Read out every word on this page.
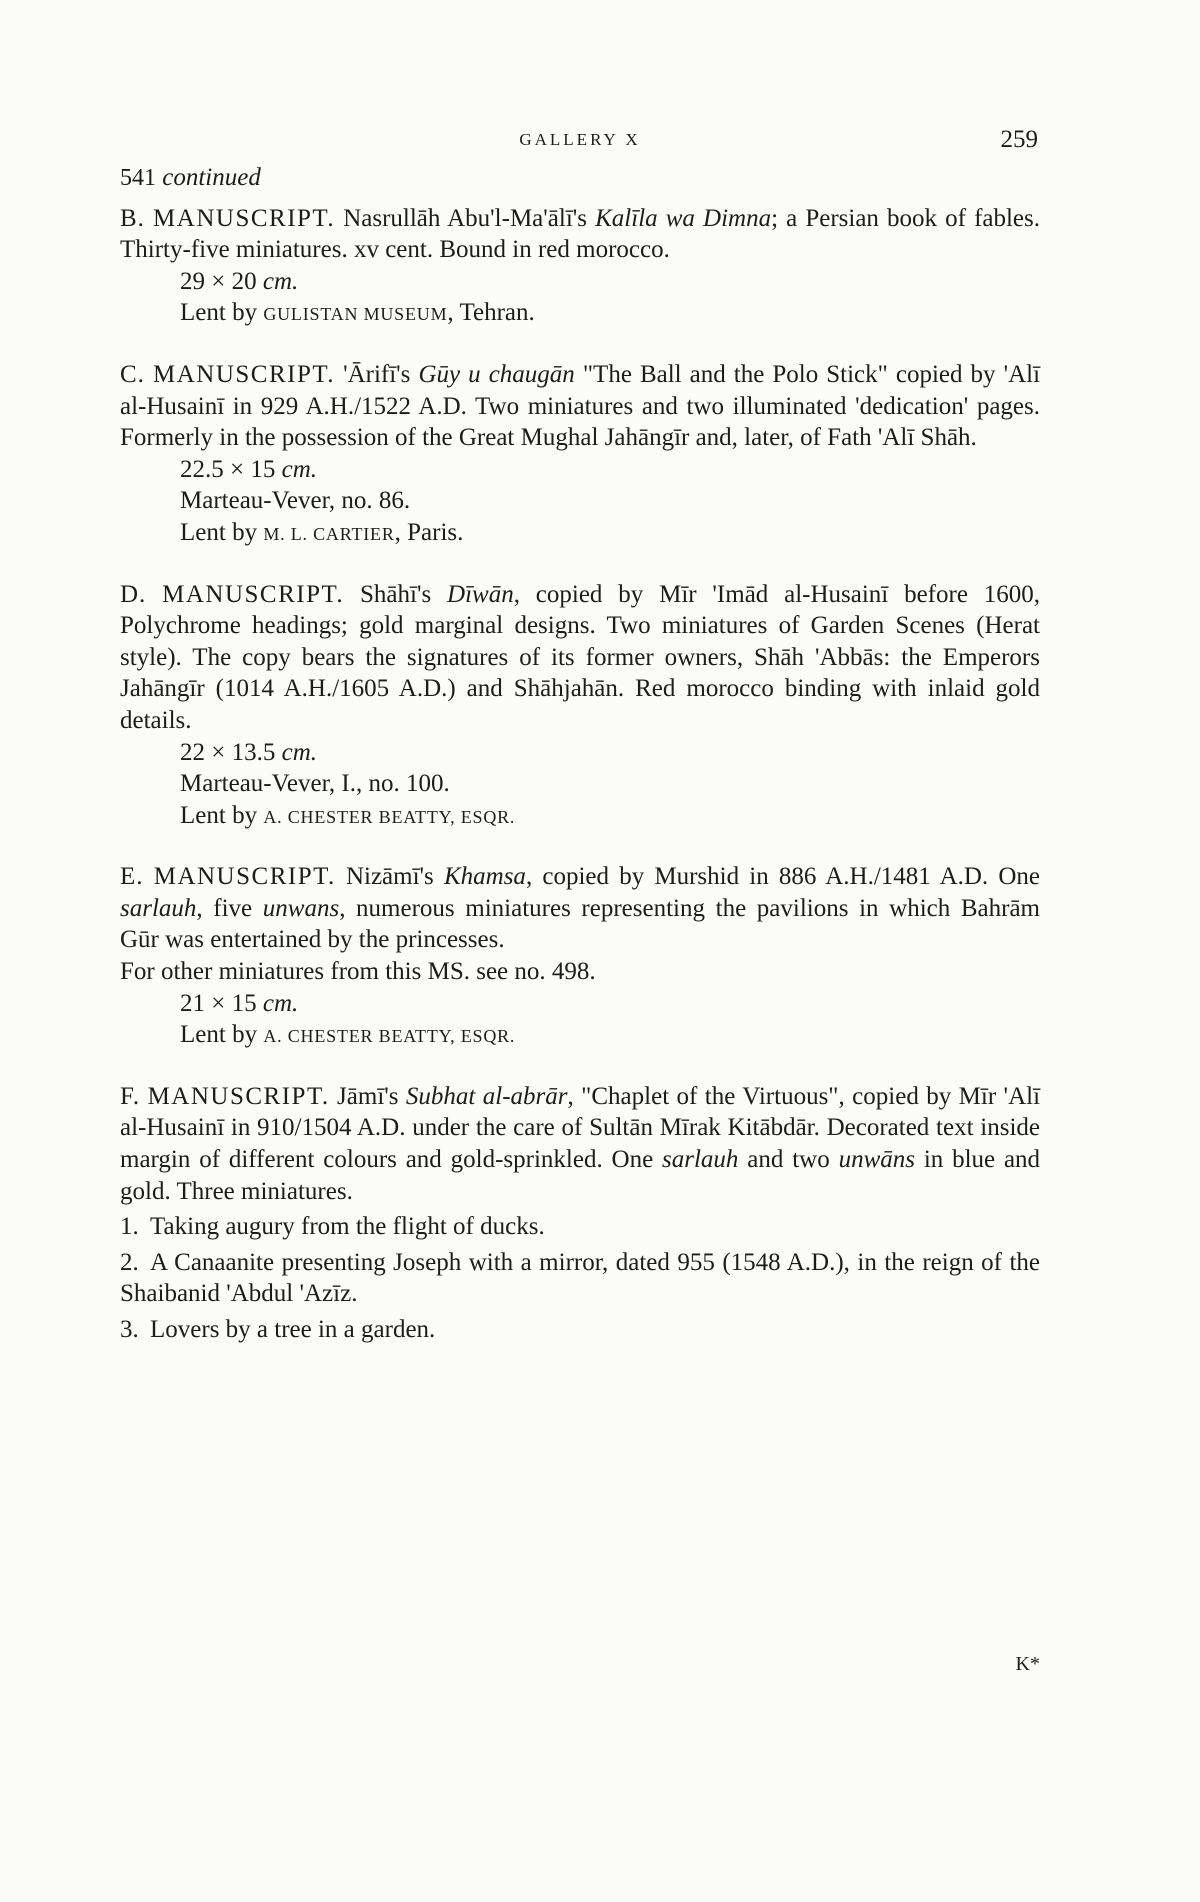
GALLERY X	259

541 continued

B. MANUSCRIPT. Nasrullāh Abu'l-Ma'ālī's Kalīla wa Dimna; a Persian book of fables. Thirty-five miniatures. xv cent. Bound in red morocco.

29 × 20 cm.

Lent by GULISTAN MUSEUM, Tehran.

C. MANUSCRIPT. 'Ārifī's Gūy u chaugān "The Ball and the Polo Stick" copied by 'Alī al-Husainī in 929 A.H./1522 A.D. Two miniatures and two illuminated 'dedication' pages. Formerly in the possession of the Great Mughal Jahāngīr and, later, of Fath 'Alī Shāh.

22.5 × 15 cm.

Marteau-Vever, no. 86.

Lent by M. L. CARTIER, Paris.

D. MANUSCRIPT. Shāhī's Dīwān, copied by Mīr 'Imād al-Husainī before 1600, Polychrome headings; gold marginal designs. Two miniatures of Garden Scenes (Herat style). The copy bears the signatures of its former owners, Shāh 'Abbās: the Emperors Jahāngīr (1014 A.H./1605 A.D.) and Shāhjahān. Red morocco binding with inlaid gold details.

22 × 13.5 cm.

Marteau-Vever, I., no. 100.

Lent by A. CHESTER BEATTY, ESQR.

E. MANUSCRIPT. Nizāmī's Khamsa, copied by Murshid in 886 A.H./1481 A.D. One sarlauh, five unwans, numerous miniatures representing the pavilions in which Bahrām Gūr was entertained by the princesses.

For other miniatures from this MS. see no. 498.

21 × 15 cm.

Lent by A. CHESTER BEATTY, ESQR.

F. MANUSCRIPT. Jāmī's Subhat al-abrār, "Chaplet of the Virtuous", copied by Mīr 'Alī al-Husainī in 910/1504 A.D. under the care of Sultān Mīrak Kitābdār. Decorated text inside margin of different colours and gold-sprinkled. One sarlauh and two unwāns in blue and gold. Three miniatures.

1. Taking augury from the flight of ducks.

2. A Canaanite presenting Joseph with a mirror, dated 955 (1548 A.D.), in the reign of the Shaibanid 'Abdul 'Azīz.

3. Lovers by a tree in a garden.

K*
